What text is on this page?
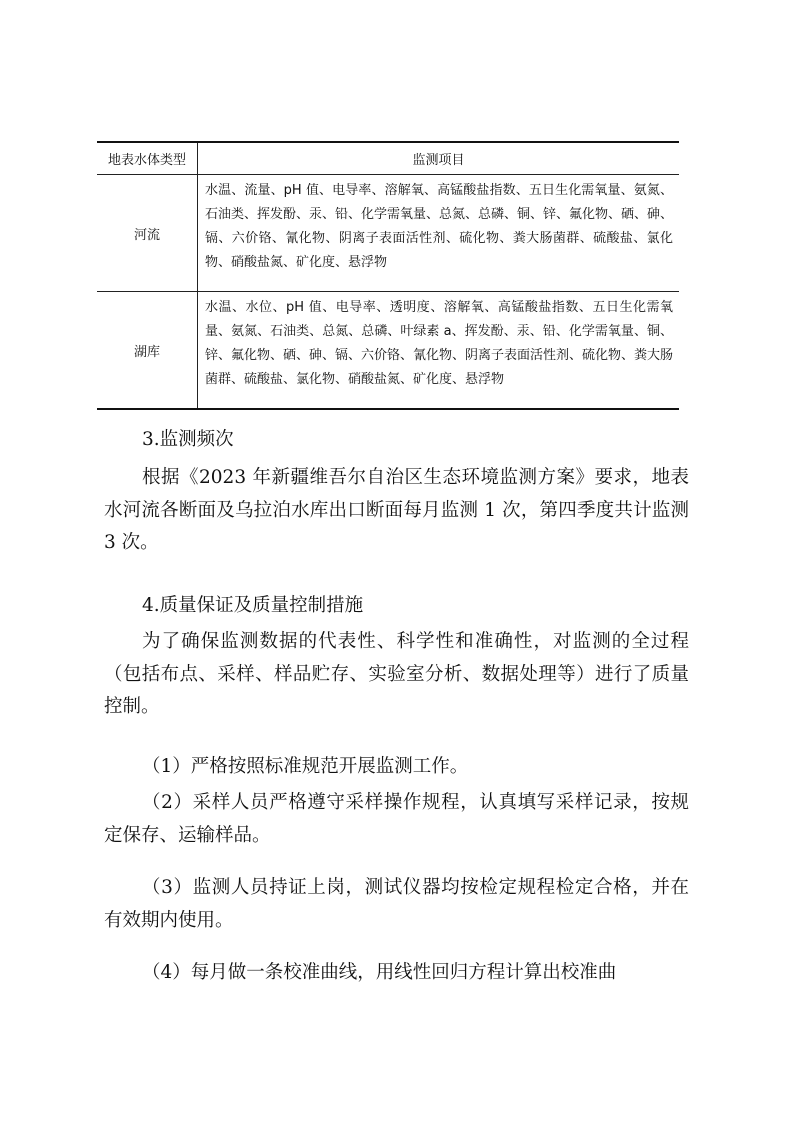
地表水体类型	监测项目
河流	水温、流量、pH 值、电导率、溶解氧、高锰酸盐指数、五日生化需氧量、氨氮、石油类、挥发酚、汞、铅、化学需氧量、总氮、总磷、铜、锌、氟化物、硒、砷、镉、六价铬、氰化物、阴离子表面活性剂、硫化物、粪大肠菌群、硫酸盐、氯化物、硝酸盐氮、矿化度、悬浮物
湖库	水温、水位、pH 值、电导率、透明度、溶解氧、高锰酸盐指数、五日生化需氧量、氨氮、石油类、总氮、总磷、叶绿素 a、挥发酚、汞、铅、化学需氧量、铜、锌、氟化物、硒、砷、镉、六价铬、氰化物、阴离子表面活性剂、硫化物、粪大肠菌群、硫酸盐、氯化物、硝酸盐氮、矿化度、悬浮物
3.监测频次
根据《2023 年新疆维吾尔自治区生态环境监测方案》要求，地表水河流各断面及乌拉泊水库出口断面每月监测 1 次，第四季度共计监测 3 次。
4.质量保证及质量控制措施
为了确保监测数据的代表性、科学性和准确性，对监测的全过程（包括布点、采样、样品贮存、实验室分析、数据处理等）进行了质量控制。
（1）严格按照标准规范开展监测工作。
（2）采样人员严格遵守采样操作规程，认真填写采样记录，按规定保存、运输样品。
（3）监测人员持证上岗，测试仪器均按检定规程检定合格，并在有效期内使用。
（4）每月做一条校准曲线，用线性回归方程计算出校准曲
